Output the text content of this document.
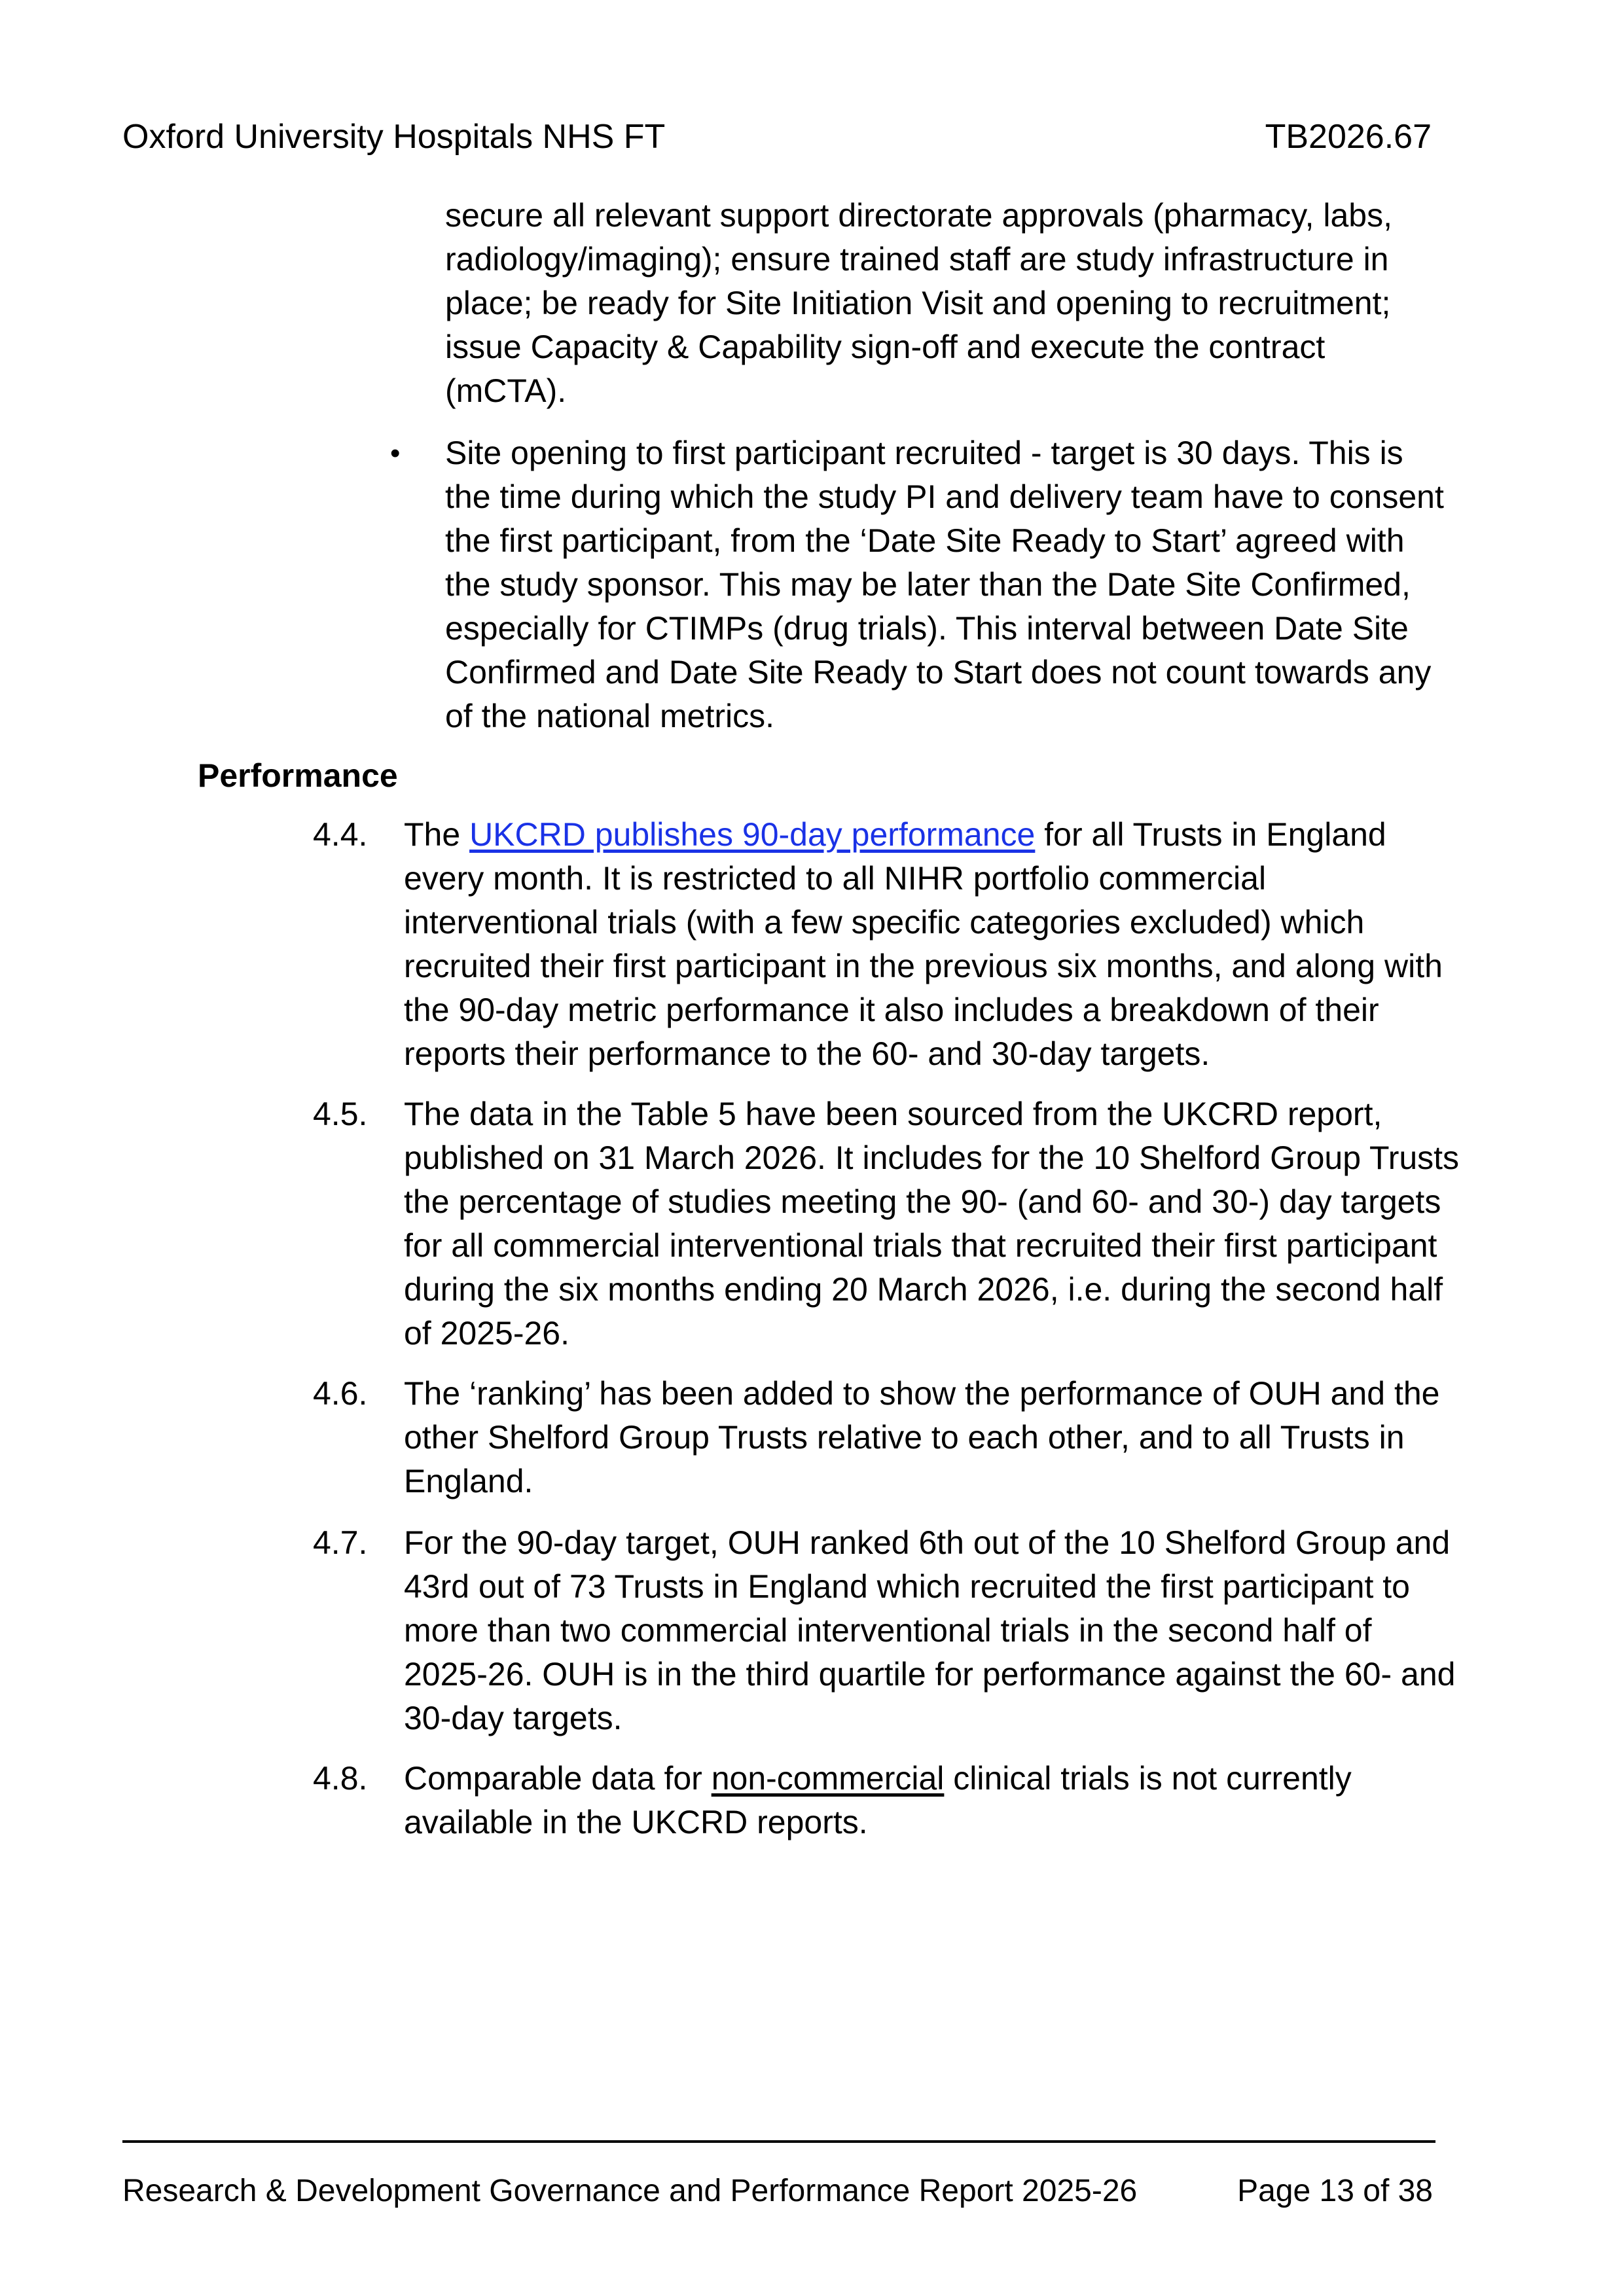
Oxford University Hospitals NHS FT	TB2026.67

secure all relevant support directorate approvals (pharmacy, labs, radiology/imaging); ensure trained staff are study infrastructure in place; be ready for Site Initiation Visit and opening to recruitment; issue Capacity & Capability sign-off and execute the contract (mCTA).

•	Site opening to first participant recruited - target is 30 days. This is the time during which the study PI and delivery team have to consent the first participant, from the ‘Date Site Ready to Start’ agreed with the study sponsor. This may be later than the Date Site Confirmed, especially for CTIMPs (drug trials). This interval between Date Site Confirmed and Date Site Ready to Start does not count towards any of the national metrics.
Performance
4.4.	The UKCRD publishes 90-day performance for all Trusts in England every month. It is restricted to all NIHR portfolio commercial interventional trials (with a few specific categories excluded) which recruited their first participant in the previous six months, and along with the 90-day metric performance it also includes a breakdown of their reports their performance to the 60- and 30-day targets.
4.5.	The data in the Table 5 have been sourced from the UKCRD report, published on 31 March 2026. It includes for the 10 Shelford Group Trusts the percentage of studies meeting the 90- (and 60- and 30-) day targets for all commercial interventional trials that recruited their first participant during the six months ending 20 March 2026, i.e. during the second half of 2025-26.
4.6.	The ‘ranking’ has been added to show the performance of OUH and the other Shelford Group Trusts relative to each other, and to all Trusts in England.
4.7.	For the 90-day target, OUH ranked 6th out of the 10 Shelford Group and 43rd out of 73 Trusts in England which recruited the first participant to more than two commercial interventional trials in the second half of 2025-26. OUH is in the third quartile for performance against the 60- and 30-day targets.
4.8.	Comparable data for non-commercial clinical trials is not currently available in the UKCRD reports.
Research & Development Governance and Performance Report 2025-26	Page 13 of 38
